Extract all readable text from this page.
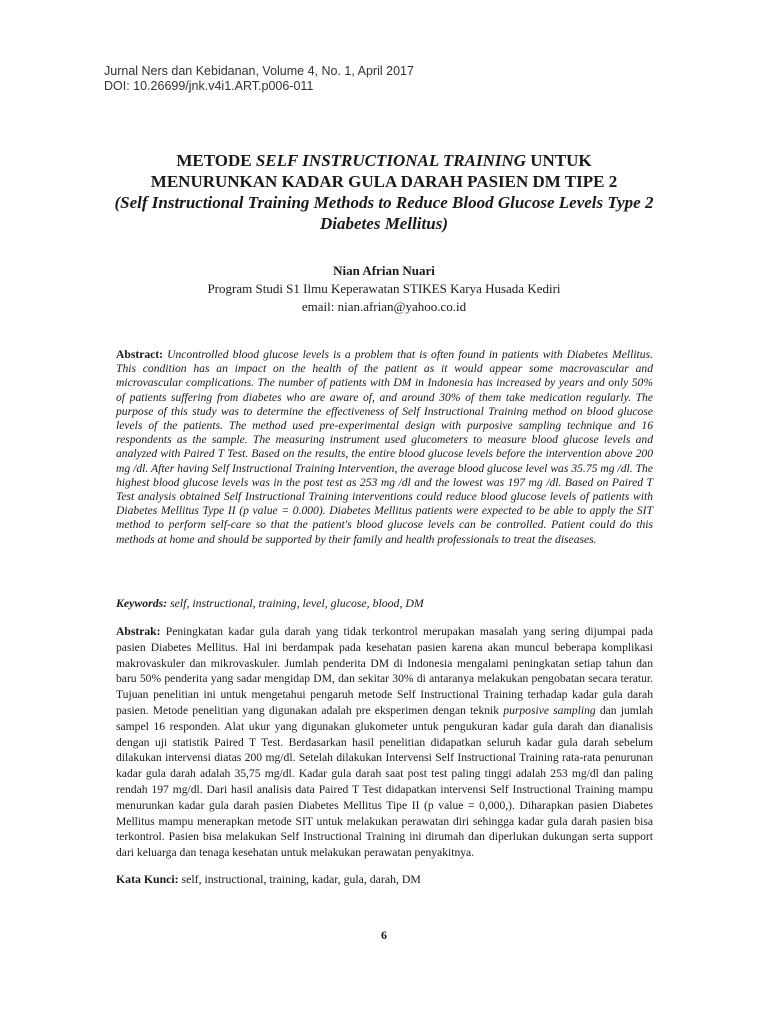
Jurnal Ners dan Kebidanan, Volume 4, No. 1, April 2017
DOI: 10.26699/jnk.v4i1.ART.p006-011
METODE SELF INSTRUCTIONAL TRAINING UNTUK
MENURUNKAN KADAR GULA DARAH PASIEN DM TIPE 2
(Self Instructional Training Methods to Reduce Blood Glucose Levels Type 2 Diabetes Mellitus)
Nian Afrian Nuari
Program Studi S1 Ilmu Keperawatan STIKES Karya Husada Kediri
email: nian.afrian@yahoo.co.id
Abstract: Uncontrolled blood glucose levels is a problem that is often found in patients with Diabetes Mellitus. This condition has an impact on the health of the patient as it would appear some macrovascular and microvascular complications. The number of patients with DM in Indonesia has increased by years and only 50% of patients suffering from diabetes who are aware of, and around 30% of them take medication regularly. The purpose of this study was to determine the effectiveness of Self Instructional Training method on blood glucose levels of the patients. The method used pre-experimental design with purposive sampling technique and 16 respondents as the sample. The measuring instrument used glucometers to measure blood glucose levels and analyzed with Paired T Test. Based on the results, the entire blood glucose levels before the intervention above 200 mg /dl. After having Self Instructional Training Intervention, the average blood glucose level was 35.75 mg /dl. The highest blood glucose levels was in the post test as 253 mg /dl and the lowest was 197 mg /dl. Based on Paired T Test analysis obtained Self Instructional Training interventions could reduce blood glucose levels of patients with Diabetes Mellitus Type II (p value = 0.000). Diabetes Mellitus patients were expected to be able to apply the SIT method to perform self-care so that the patient's blood glucose levels can be controlled. Patient could do this methods at home and should be supported by their family and health professionals to treat the diseases.
Keywords: self, instructional, training, level, glucose, blood, DM
Abstrak: Peningkatan kadar gula darah yang tidak terkontrol merupakan masalah yang sering dijumpai pada pasien Diabetes Mellitus. Hal ini berdampak pada kesehatan pasien karena akan muncul beberapa komplikasi makrovaskuler dan mikrovaskuler. Jumlah penderita DM di Indonesia mengalami peningkatan setiap tahun dan baru 50% penderita yang sadar mengidap DM, dan sekitar 30% di antaranya melakukan pengobatan secara teratur. Tujuan penelitian ini untuk mengetahui pengaruh metode Self Instructional Training terhadap kadar gula darah pasien. Metode penelitian yang digunakan adalah pre eksperimen dengan teknik purposive sampling dan jumlah sampel 16 responden. Alat ukur yang digunakan glukometer untuk pengukuran kadar gula darah dan dianalisis dengan uji statistik Paired T Test. Berdasarkan hasil penelitian didapatkan seluruh kadar gula darah sebelum dilakukan intervensi diatas 200 mg/dl. Setelah dilakukan Intervensi Self Instructional Training rata-rata penurunan kadar gula darah adalah 35,75 mg/dl. Kadar gula darah saat post test paling tinggi adalah 253 mg/dl dan paling rendah 197 mg/dl. Dari hasil analisis data Paired T Test didapatkan intervensi Self Instructional Training mampu menurunkan kadar gula darah pasien Diabetes Mellitus Tipe II (p value = 0,000,). Diharapkan pasien Diabetes Mellitus mampu menerapkan metode SIT untuk melakukan perawatan diri sehingga kadar gula darah pasien bisa terkontrol. Pasien bisa melakukan Self Instructional Training ini dirumah dan diperlukan dukungan serta support dari keluarga dan tenaga kesehatan untuk melakukan perawatan penyakitnya.
Kata Kunci: self, instructional, training, kadar, gula, darah, DM
6
